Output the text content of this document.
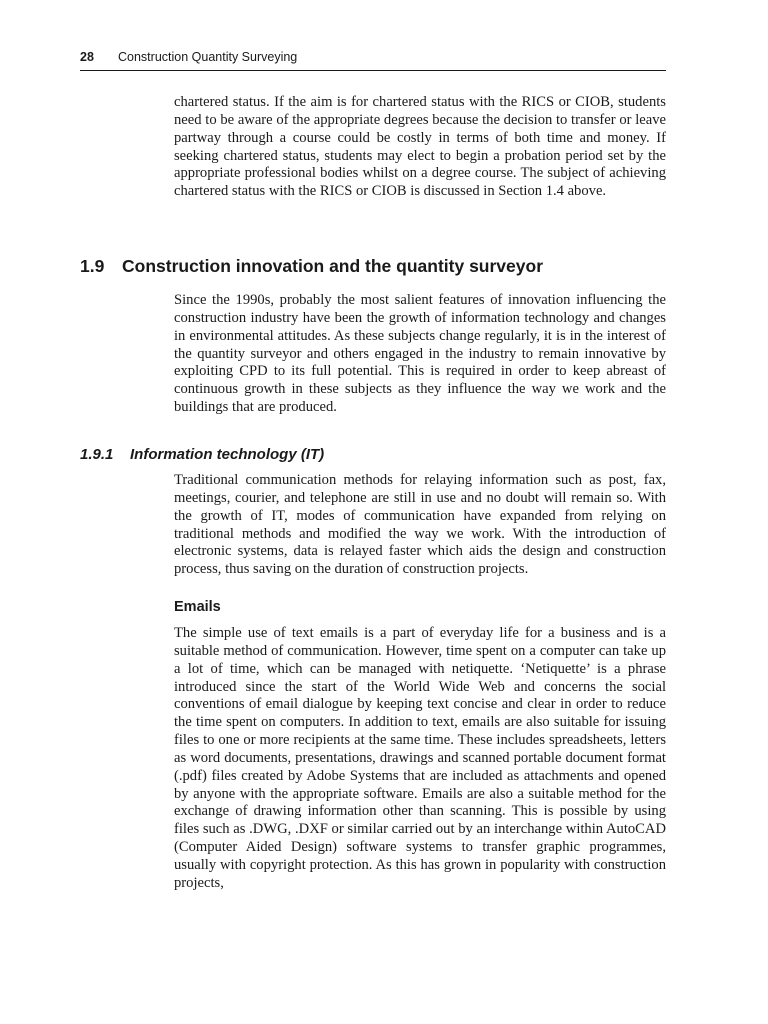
28 Construction Quantity Surveying

chartered status. If the aim is for chartered status with the RICS or CIOB, students need to be aware of the appropriate degrees because the decision to transfer or leave partway through a course could be costly in terms of both time and money. If seeking chartered status, students may elect to begin a probation period set by the appropriate professional bodies whilst on a degree course. The subject of achieving chartered status with the RICS or CIOB is discussed in Section 1.4 above.

1.9 Construction innovation and the quantity surveyor

Since the 1990s, probably the most salient features of innovation influencing the construction industry have been the growth of information technology and changes in environmental attitudes. As these subjects change regularly, it is in the interest of the quantity surveyor and others engaged in the industry to remain innovative by exploiting CPD to its full potential. This is required in order to keep abreast of continuous growth in these subjects as they influence the way we work and the buildings that are produced.

1.9.1 Information technology (IT)

Traditional communication methods for relaying information such as post, fax, meetings, courier, and telephone are still in use and no doubt will remain so. With the growth of IT, modes of communication have expanded from relying on traditional methods and modified the way we work. With the introduction of electronic systems, data is relayed faster which aids the design and construction process, thus saving on the duration of construction projects.

Emails

The simple use of text emails is a part of everyday life for a business and is a suitable method of communication. However, time spent on a computer can take up a lot of time, which can be managed with netiquette. ‘Netiquette’ is a phrase introduced since the start of the World Wide Web and concerns the social conventions of email dialogue by keeping text concise and clear in order to reduce the time spent on computers. In addition to text, emails are also suitable for issuing files to one or more recipients at the same time. These includes spreadsheets, letters as word documents, presentations, drawings and scanned portable document format (.pdf) files created by Adobe Systems that are included as attachments and opened by anyone with the appropriate software. Emails are also a suitable method for the exchange of drawing information other than scanning. This is possible by using files such as .DWG, .DXF or similar carried out by an interchange within AutoCAD (Computer Aided Design) software systems to transfer graphic programmes, usually with copyright protection. As this has grown in popularity with construction projects,
